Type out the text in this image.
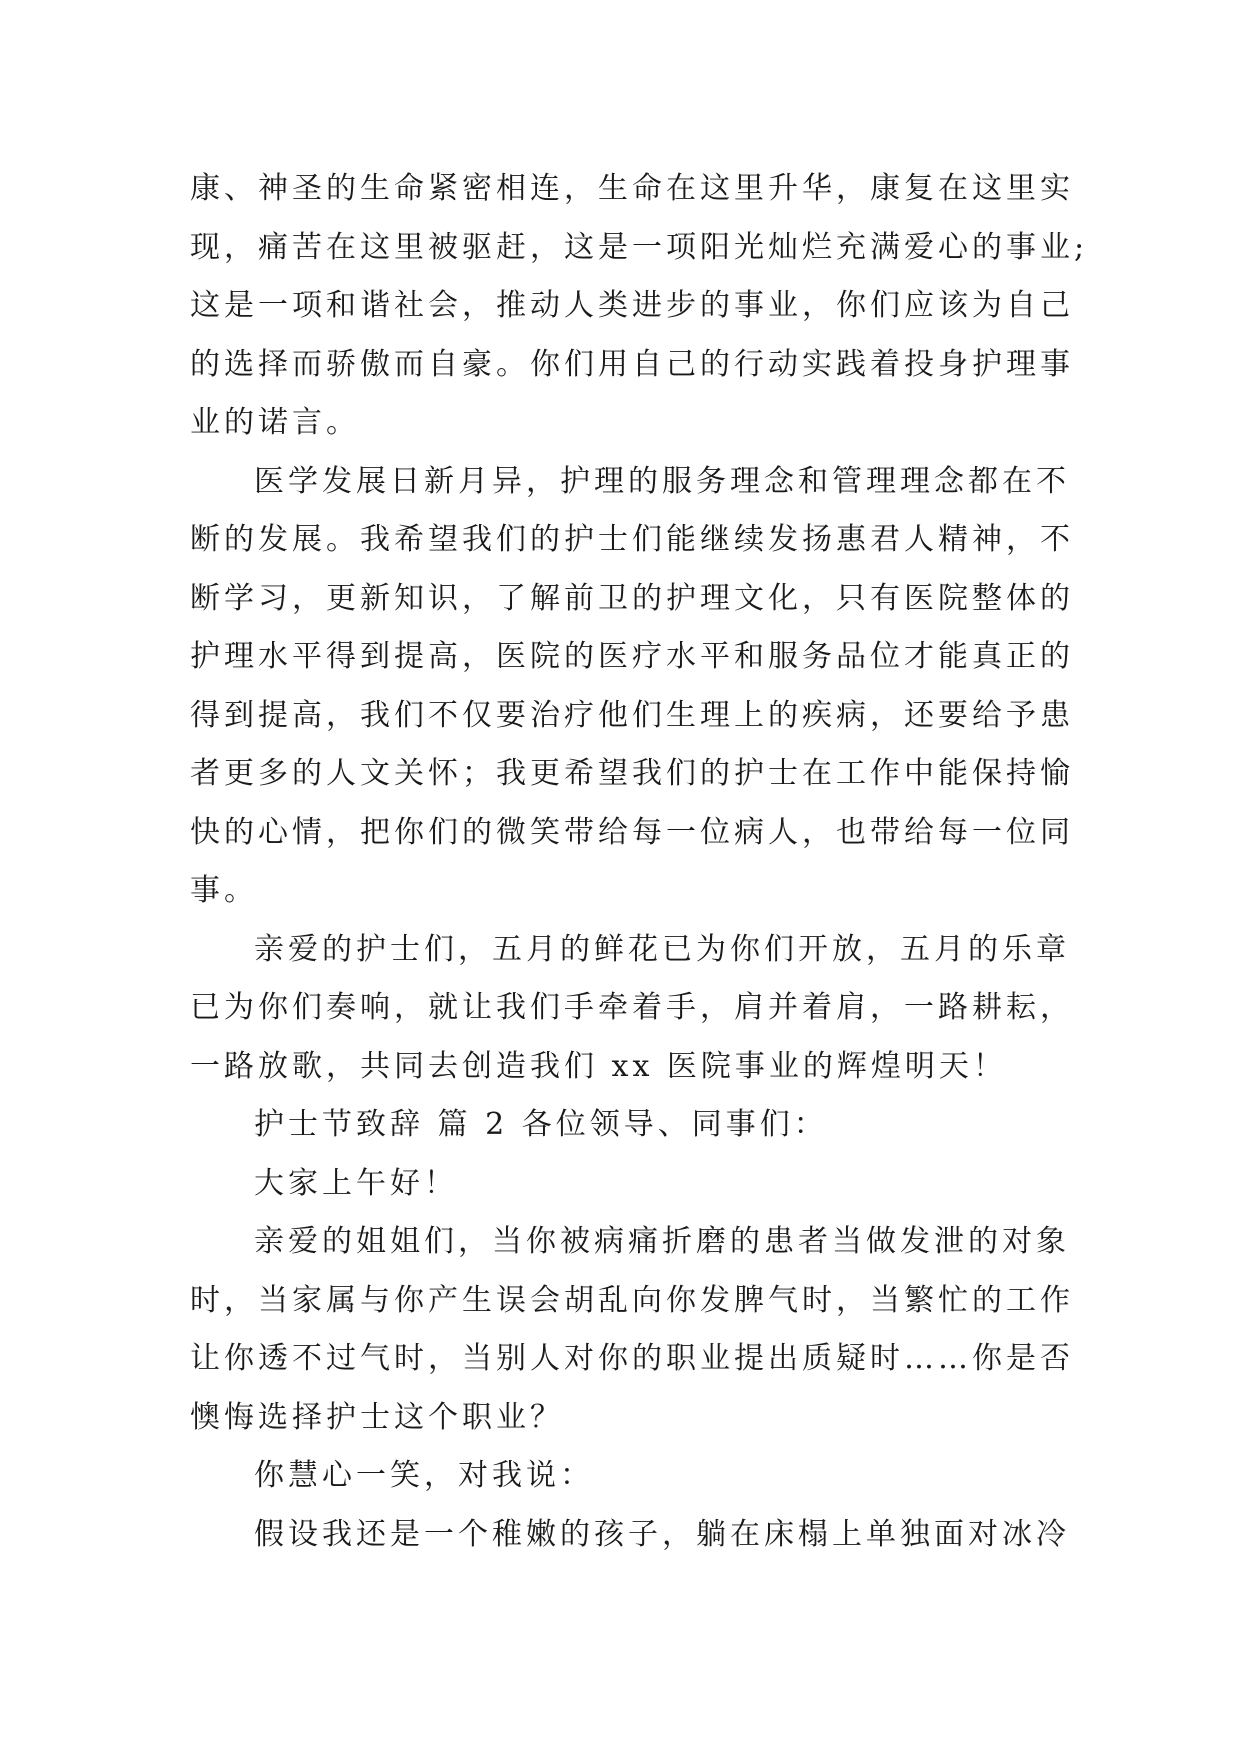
康、神圣的生命紧密相连，生命在这里升华，康复在这里实
现，痛苦在这里被驱赶，这是一项阳光灿烂充满爱心的事业;
这是一项和谐社会，推动人类进步的事业，你们应该为自己
的选择而骄傲而自豪。你们用自己的行动实践着投身护理事
业的诺言。
医学发展日新月异，护理的服务理念和管理理念都在不
断的发展。我希望我们的护士们能继续发扬惠君人精神，不
断学习，更新知识，了解前卫的护理文化，只有医院整体的
护理水平得到提高，医院的医疗水平和服务品位才能真正的
得到提高，我们不仅要治疗他们生理上的疾病，还要给予患
者更多的人文关怀；我更希望我们的护士在工作中能保持愉
快的心情，把你们的微笑带给每一位病人，也带给每一位同
事。
亲爱的护士们，五月的鲜花已为你们开放，五月的乐章
已为你们奏响，就让我们手牵着手，肩并着肩，一路耕耘，
一路放歌，共同去创造我们 xx 医院事业的辉煌明天！
护士节致辞 篇 2 各位领导、同事们：
大家上午好！
亲爱的姐姐们，当你被病痛折磨的患者当做发泄的对象
时，当家属与你产生误会胡乱向你发脾气时，当繁忙的工作
让你透不过气时，当别人对你的职业提出质疑时……你是否
懊悔选择护士这个职业？
你慧心一笑，对我说：
假设我还是一个稚嫩的孩子，躺在床榻上单独面对冰冷
